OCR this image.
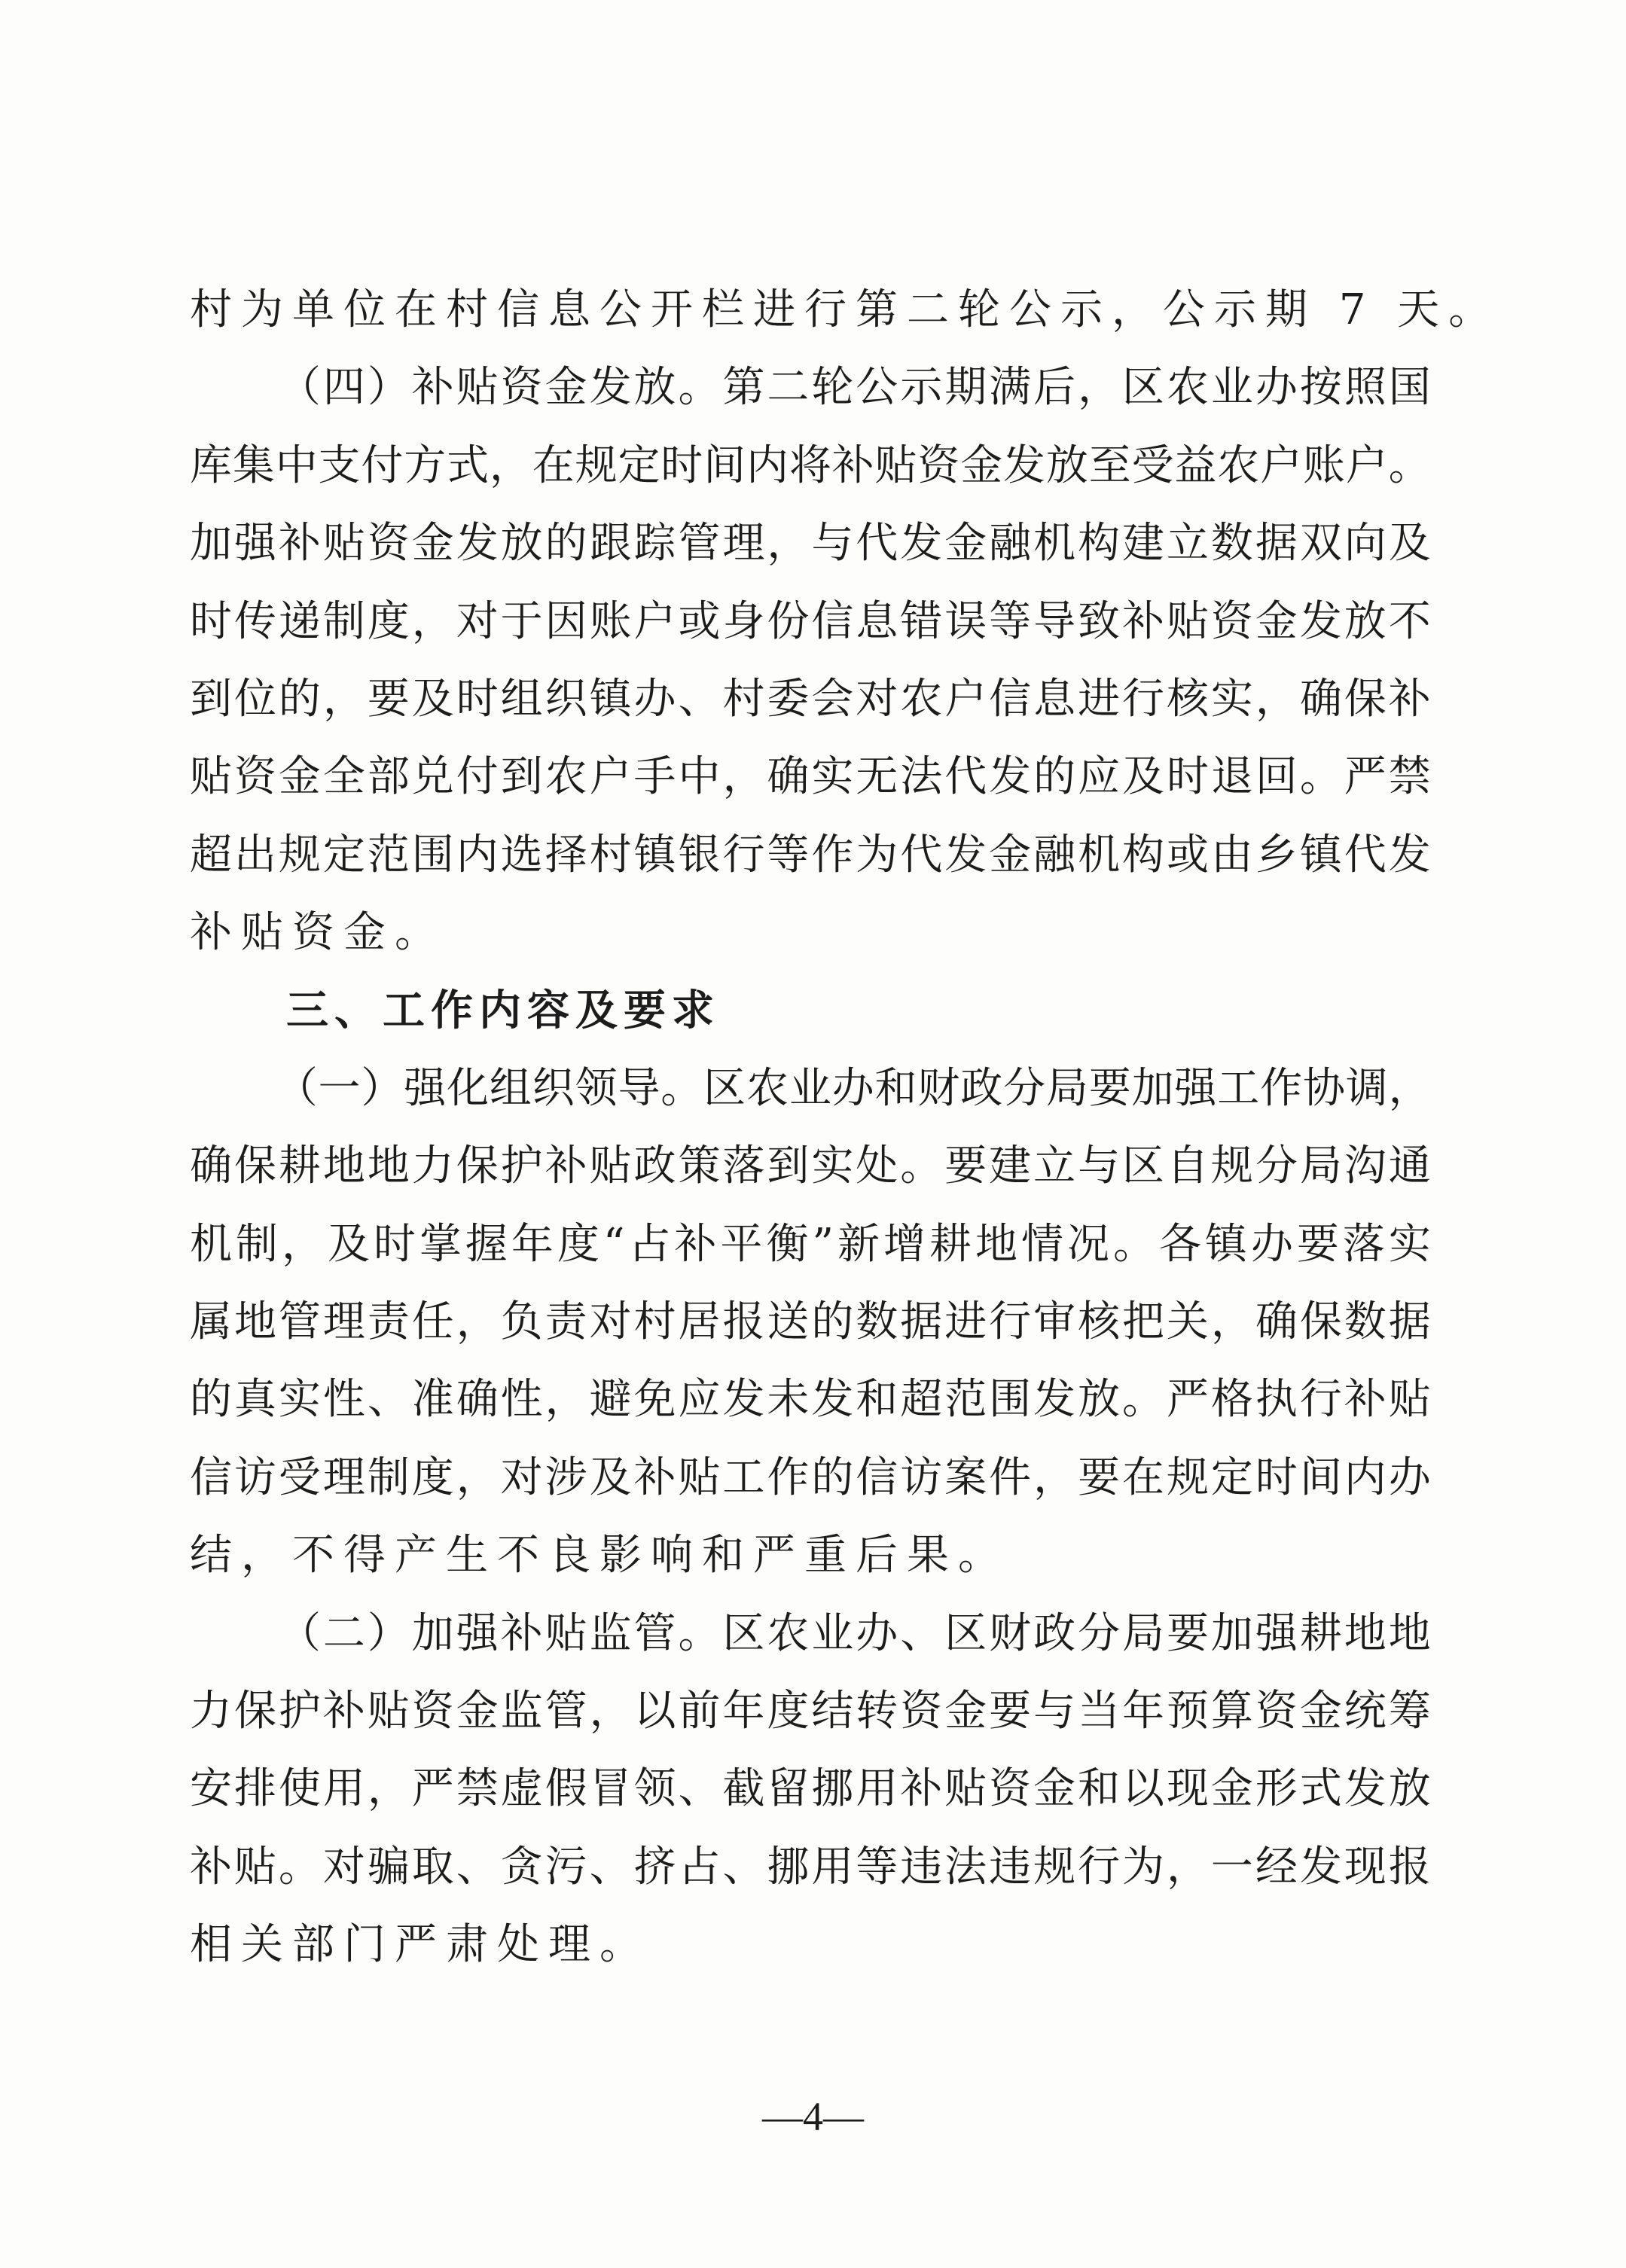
村 为 单 位 在 村 信 息 公 开 栏 进 行 第 二 轮 公 示 ， 公 示 期
7
天 。

（ 四 ） 补 贴 资 金 发 放 。 第 二 轮 公 示 期 满 后 ， 区 农 业 办 按 照 国
库 集 中 支 付 方 式 ， 在 规 定 时 间 内 将 补 贴 资 金 发 放 至 受 益 农 户 账 户 。
加 强 补 贴 资 金 发 放 的 跟 踪 管 理 ， 与 代 发 金 融 机 构 建 立 数 据 双 向 及
时 传 递 制 度 ， 对 于 因 账 户 或 身 份 信 息 错 误 等 导 致 补 贴 资 金 发 放 不
到 位 的 ， 要 及 时 组 织 镇 办 、 村 委 会 对 农 户 信 息 进 行 核 实 ， 确 保 补
贴 资 金 全 部 兑 付 到 农 户 手 中 ， 确 实 无 法 代 发 的 应 及 时 退 回 。 严 禁
超 出 规 定 范 围 内 选 择 村 镇 银 行 等 作 为 代 发 金 融 机 构 或 由 乡 镇 代 发
补 贴 资 金 。
　　三、工作内容及要求

（ 一 ） 强 化 组 织 领 导 。 区 农 业 办 和 财 政 分 局 要 加 强 工 作 协 调 ，
确 保 耕 地 地 力 保 护 补 贴 政 策 落 到 实 处 。 要 建 立 与 区 自 规 分 局 沟 通
机 制 ， 及 时 掌 握 年 度 “ 占 补 平 衡 ” 新 增 耕 地 情 况 。 各 镇 办 要 落 实
属 地 管 理 责 任 ， 负 责 对 村 居 报 送 的 数 据 进 行 审 核 把 关 ， 确 保 数 据
的 真 实 性 、 准 确 性 ， 避 免 应 发 未 发 和 超 范 围 发 放 。 严 格 执 行 补 贴
信 访 受 理 制 度 ， 对 涉 及 补 贴 工 作 的 信 访 案 件 ， 要 在 规 定 时 间 内 办
结 ， 不 得 产 生 不 良 影 响 和 严 重 后 果 。

（ 二 ） 加 强 补 贴 监 管 。 区 农 业 办 、 区 财 政 分 局 要 加 强 耕 地 地
力 保 护 补 贴 资 金 监 管 ， 以 前 年 度 结 转 资 金 要 与 当 年 预 算 资 金 统 筹
安 排 使 用 ， 严 禁 虚 假 冒 领 、 截 留 挪 用 补 贴 资 金 和 以 现 金 形 式 发 放
补 贴 。 对 骗 取 、 贪 污 、 挤 占 、 挪 用 等 违 法 违 规 行 为 ， 一 经 发 现 报
相 关 部 门 严 肃 处 理 。
—4—
